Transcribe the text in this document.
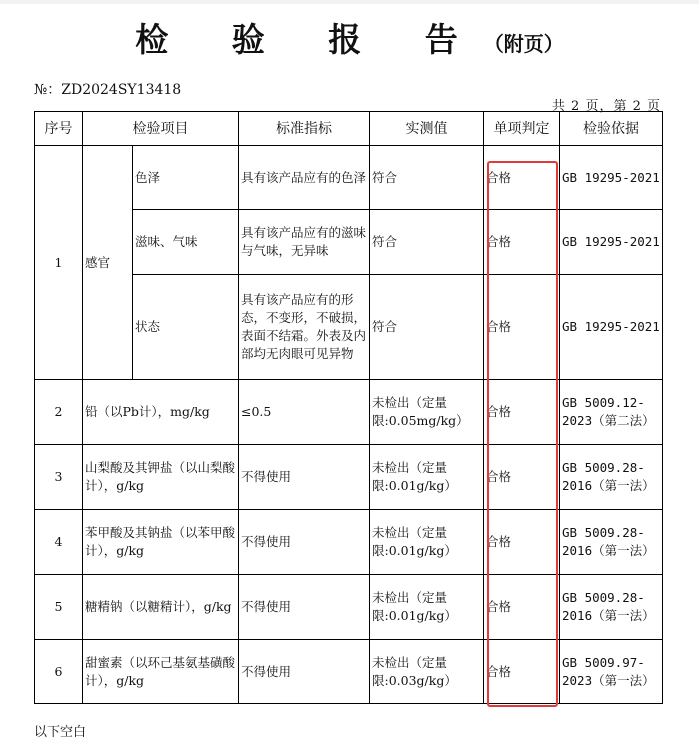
检 验 报 告（附页）
№：ZD2024SY13418
共 2 页，第 2 页
序号	检验项目		标准指标	实测值	单项判定	检验依据
1	感官	色泽	具有该产品应有的色泽	符合	合格	GB 19295-2021
		滋味、气味	具有该产品应有的滋味与气味，无异味	符合	合格	GB 19295-2021
		状态	具有该产品应有的形态，不变形，不破损，表面不结霜。外表及内部均无肉眼可见异物	符合	合格	GB 19295-2021
2	铅（以Pb计），mg/kg		≤0.5	未检出（定量限:0.05mg/kg）	合格	GB 5009.12-2023（第二法）
3	山梨酸及其钾盐（以山梨酸计），g/kg		不得使用	未检出（定量限:0.01g/kg）	合格	GB 5009.28-2016（第一法）
4	苯甲酸及其钠盐（以苯甲酸计），g/kg		不得使用	未检出（定量限:0.01g/kg）	合格	GB 5009.28-2016（第一法）
5	糖精钠（以糖精计），g/kg		不得使用	未检出（定量限:0.01g/kg）	合格	GB 5009.28-2016（第一法）
6	甜蜜素（以环己基氨基磺酸计），g/kg		不得使用	未检出（定量限:0.03g/kg）	合格	GB 5009.97-2023（第一法）
以下空白
